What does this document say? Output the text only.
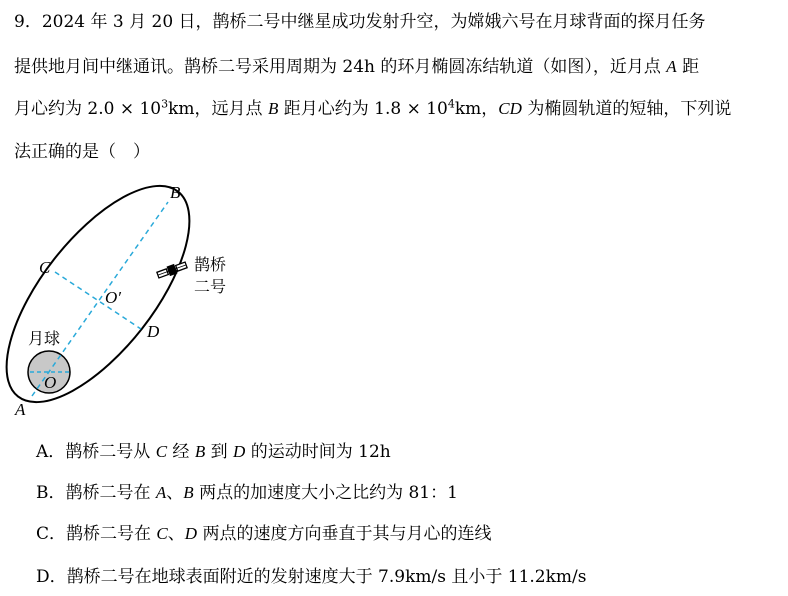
9．2024 年 3 月 20 日，鹊桥二号中继星成功发射升空，为嫦娥六号在月球背面的探月任务
提供地月间中继通讯。鹊桥二号采用周期为 24h 的环月椭圆冻结轨道（如图），近月点 A 距
月心约为 $2.0 \times 10^3km$，远月点 B 距月心约为 $1.8 \times 10^4km$，CD 为椭圆轨道的短轴，下列说
法正确的是（　）
B
C
D
O′
O
A
月球
鹊桥
二号
A．鹊桥二号从 C 经 B 到 D 的运动时间为 12h
B．鹊桥二号在 A、B 两点的加速度大小之比约为 81：1
C．鹊桥二号在 C、D 两点的速度方向垂直于其与月心的连线
D．鹊桥二号在地球表面附近的发射速度大于 7.9km/s 且小于 11.2km/s
